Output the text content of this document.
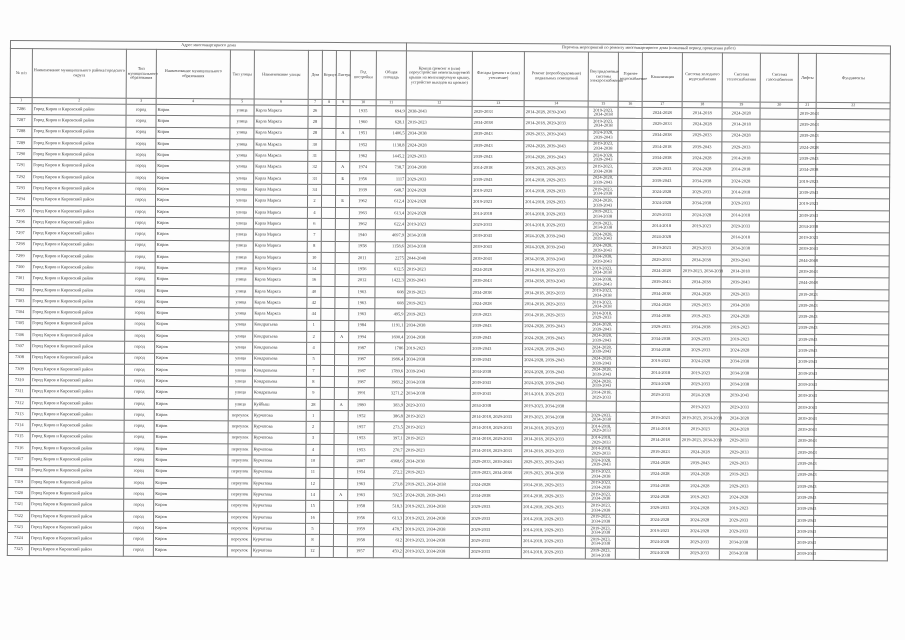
Адрес многоквартирного дома											Перечень мероприятий по ремонту многоквартирного дома (плановый период проведения работ)										
№ п/п	Наименование муниципального района/городского округа	Тип муниципального образования	Наименование муниципального образования	Тип улицы	Наименование улицы	Дом	Корпус	Литера	Год постройки	Общая площадь	Крыша (ремонт и (или) переустройство невентилируемой крыши на вентилируемую крышу, устройство выходов на кровлю)	Фасады (ремонт и (или) утепление)	Ремонт (переоборудование) подвальных помещений	Внутридомовые системы электроснабжения	Горячее водоснабжение	Канализация	Система холодного водоснабжения	Система теплоснабжения	Система газоснабжения	Лифты	Фундаменты
1	2	3	4	5	6	7	8	9	10	11	12	13	14	15	16	17	18	19	20	21	22
7286	Город Киров и Кировский район	город	Киров	улица	Карла Маркса	26			1935	694,9	2038-2043	2029-2033	2014-2028, 2039-2043	2019-2023, 2034-2038		2024-2028	2014-2018	2024-2028		2019-2043	
7287	Город Киров и Кировский район	город	Киров	улица	Карла Маркса	28			1960	628,1	2019-2023	2034-2038	2014-2018, 2029-2033	2019-2023, 2034-2038		2029-2033	2024-2028	2014-2018		2039-2043	
7288	Город Киров и Кировский район	город	Киров	улица	Карла Маркса	28		А	1951	1406,5	2034-2038	2039-2043	2029-2033, 2039-2043	2024-2028, 2039-2043		2034-2038	2029-2033	2024-2028		2039-2043	
7289	Город Киров и Кировский район	город	Киров	улица	Карла Маркса	30			1952	1138,8	2024-2028	2039-2043	2024-2028, 2039-2043	2019-2023, 2034-2038		2014-2018	2039-2043	2029-2033		2024-2028	
7290	Город Киров и Кировский район	город	Киров	улица	Карла Маркса	31			1962	1445,2	2029-2033	2039-2043	2014-2028, 2039-2043	2024-2028, 2039-2043		2034-2038	2024-2028	2014-2018		2039-2043	
7291	Город Киров и Кировский район	город	Киров	улица	Карла Маркса	32		А	1974	738,7	2034-2038	2014-2018	2019-2023, 2029-2033	2019-2023, 2034-2038		2029-2033	2024-2028	2014-2018		2034-2038	
7292	Город Киров и Кировский район	город	Киров	улица	Карла Маркса	33		Б	1956	1117	2029-2033	2039-2043	2014-2018, 2029-2033	2024-2028, 2039-2043		2039-2043	2034-2038	2024-2028		2019-2023	
7293	Город Киров и Кировский район	город	Киров	улица	Карла Маркса	34			1939	648,7	2024-2028	2019-2023	2014-2018, 2029-2033	2019-2023, 2034-2038		2024-2028	2029-2033	2014-2018		2039-2043	
7294	Город Киров и Кировский район	город	Киров	улица	Карла Маркса	2		Б	1962	612,4	2024-2028	2019-2023	2014-2018, 2029-2033	2024-2028, 2039-2043		2024-2028	2034-2038	2029-2033		2019-2023	
7295	Город Киров и Кировский район	город	Киров	улица	Карла Маркса	4			1963	613,4	2024-2028	2014-2018	2014-2018, 2029-2033	2019-2023, 2034-2038		2029-2033	2024-2028	2014-2018		2039-2043	
7296	Город Киров и Кировский район	город	Киров	улица	Карла Маркса	6			1962	622,4	2019-2023	2029-2033	2014-2018, 2029-2033	2019-2023, 2034-2038		2014-2018	2019-2023	2029-2033		2034-2038	
7297	Город Киров и Кировский район	город	Киров	улица	Карла Маркса	7			1940	4697,9	2034-2038	2039-2043	2024-2028, 2039-2043	2024-2028, 2039-2043		2024-2028		2014-2018		2019-2023	
7298	Город Киров и Кировский район	город	Киров	улица	Карла Маркса	8			1958	1158,6	2034-2038	2039-2043	2024-2028, 2039-2043	2024-2028, 2039-2043		2019-2023	2029-2033	2034-2038		2039-2043	
7299	Город Киров и Кировский район	город	Киров	улица	Карла Маркса	10			2011	2275	2044-2048	2039-2043	2034-2038, 2039-2043	2034-2038, 2039-2043		2029-2033	2034-2038	2039-2043		2044-2048	
7300	Город Киров и Кировский район	город	Киров	улица	Карла Маркса	14			1956	612,5	2019-2023	2024-2028	2014-2018, 2029-2033	2019-2023, 2034-2038		2024-2028	2019-2023, 2034-2038	2014-2018		2039-2043	
7301	Город Киров и Кировский район	город	Киров	улица	Карла Маркса	16			2012	1422,3	2039-2043	2039-2043	2034-2038, 2039-2043	2034-2038, 2039-2043		2039-2043	2034-2038	2039-2043		2044-2048	
7302	Город Киров и Кировский район	город	Киров	улица	Карла Маркса	40			1963	608	2019-2023	2034-2038	2014-2018, 2029-2033	2019-2023, 2034-2038		2034-2038	2024-2028	2029-2033		2019-2023	
7303	Город Киров и Кировский район	город	Киров	улица	Карла Маркса	42			1963	608	2019-2023	2024-2028	2014-2018, 2029-2033	2019-2023, 2034-2038		2024-2028	2029-2033	2034-2038		2039-2043	
7304	Город Киров и Кировский район	город	Киров	улица	Карла Маркса	44			1963	495,9	2019-2023	2019-2023	2014-2018, 2029-2033	2014-2018, 2029-2033		2034-2038	2019-2023	2024-2028		2039-2043	
7305	Город Киров и Кировский район	город	Киров	улица	Кондратьева	1			1984	1191,1	2034-2038	2039-2043	2024-2028, 2039-2043	2024-2028, 2039-2043		2029-2033	2034-2038	2019-2023		2039-2043	
7306	Город Киров и Кировский район	город	Киров	улица	Кондратьева	2		А	1994	1690,4	2034-2038	2039-2043	2024-2028, 2039-2043	2024-2028, 2039-2043		2034-2038	2029-2033	2019-2023		2039-2043	
7307	Город Киров и Кировский район	город	Киров	улица	Кондратьева	4			1987	1786	2019-2023	2039-2043	2024-2028, 2039-2043	2024-2028, 2039-2043		2034-2038	2029-2033	2024-2028		2039-2043	
7308	Город Киров и Кировский район	город	Киров	улица	Кондратьева	5			1987	1986,4	2034-2038	2039-2043	2024-2028, 2039-2043	2024-2028, 2039-2043		2019-2023	2024-2028	2034-2038		2039-2043	
7309	Город Киров и Кировский район	город	Киров	улица	Кондратьева	7			1987	1789,6	2039-2043	2034-2038	2024-2028, 2039-2043	2024-2028, 2039-2043		2014-2018	2019-2023	2034-2038		2039-2043	
7310	Город Киров и Кировский район	город	Киров	улица	Кондратьева	8			1987	1983,2	2034-2038	2039-2043	2024-2028, 2039-2043	2024-2028, 2039-2043		2024-2028	2029-2033	2034-2038		2039-2043	
7311	Город Киров и Кировский район	город	Киров	улица	Кондратьева	9			1991	3271,2	2034-2038	2039-2043	2014-2018, 2029-2033	2014-2018, 2029-2033		2029-2033	2024-2028	2039-2043		2039-2043	
7312	Город Киров и Кировский район	город	Киров	улица	Куйбыш	28		А	1980	383,9	2029-2033	2034-2038	2019-2023, 2034-2038				2019-2023	2029-2033		2039-2043	
7313	Город Киров и Кировский район	город	Киров	переулок	Курчатова	1			1952	386,8	2019-2023	2014-2018, 2029-2033	2019-2023, 2034-2038	2029-2033, 2034-2038		2019-2023	2019-2023, 2034-2038	2024-2028		2039-2043	
7314	Город Киров и Кировский район	город	Киров	переулок	Курчатова	2			1957	273,5	2019-2023	2014-2018, 2029-2033	2014-2018, 2029-2033	2014-2018, 2029-2033		2014-2018	2019-2023	2024-2028		2039-2043	
7315	Город Киров и Кировский район	город	Киров	переулок	Курчатова	3			1953	397,1	2019-2023	2014-2018, 2029-2033	2014-2018, 2029-2033	2014-2018, 2029-2033		2014-2018	2019-2023, 2034-2038	2029-2033		2039-2043	
7316	Город Киров и Кировский район	город	Киров	переулок	Курчатова	4			1953	270,7	2019-2023	2014-2018, 2029-2033	2014-2018, 2029-2033	2014-2018, 2029-2033		2019-2023	2024-2028	2029-2033		2039-2043	
7317	Город Киров и Кировский район	город	Киров	переулок	Курчатова	10			2007	4368,6	2034-2038	2029-2033, 2039-2043	2029-2033, 2039-2043	2024-2028, 2039-2043		2024-2028	2039-2043	2029-2033		2039-2043	
7318	Город Киров и Кировский район	город	Киров	переулок	Курчатова	11			1954	272,2	2019-2023	2019-2023, 2034-2038	2019-2023, 2034-2038	2019-2023, 2034-2038		2024-2028	2024-2028	2019-2023		2039-2043	
7319	Город Киров и Кировский район	город	Киров	переулок	Курчатова	12			1963	273,8	2019-2023, 2034-2038	2024-2028	2014-2018, 2029-2033	2019-2023, 2034-2038		2034-2038	2024-2028	2029-2033		2039-2043	
7320	Город Киров и Кировский район	город	Киров	переулок	Курчатова	14		А	1963	592,5	2024-2028, 2039-2043	2034-2038	2014-2018, 2029-2033	2019-2023, 2034-2038		2024-2028	2019-2023	2024-2028		2039-2043	
7321	Город Киров и Кировский район	город	Киров	переулок	Курчатова	15			1958	518,3	2019-2023, 2034-2038	2029-2033	2014-2018, 2029-2033	2019-2023, 2034-2038		2029-2033	2024-2028	2019-2023		2039-2043	
7322	Город Киров и Кировский район	город	Киров	переулок	Курчатова	16			1956	613,3	2019-2023, 2034-2038	2029-2033	2014-2018, 2029-2033	2019-2023, 2034-2038		2024-2028	2024-2028	2029-2033		2039-2043	
7323	Город Киров и Кировский район	город	Киров	переулок	Курчатова	5			1959	478,7	2019-2023, 2034-2038	2029-2033	2014-2018, 2029-2033	2019-2023, 2034-2038		2019-2023	2024-2028	2029-2033		2039-2043	
7324	Город Киров и Кировский район	город	Киров	переулок	Курчатова	8			1958	612	2019-2023, 2034-2038	2029-2033	2014-2018, 2029-2033	2019-2023, 2034-2038		2024-2028	2029-2033	2034-2038		2039-2043	
7325	Город Киров и Кировский район	город	Киров	переулок	Курчатова	12			1957	459,2	2019-2023, 2034-2038	2029-2033	2014-2018, 2029-2033	2019-2023, 2034-2038		2024-2028	2029-2033	2034-2038		2039-2043	
